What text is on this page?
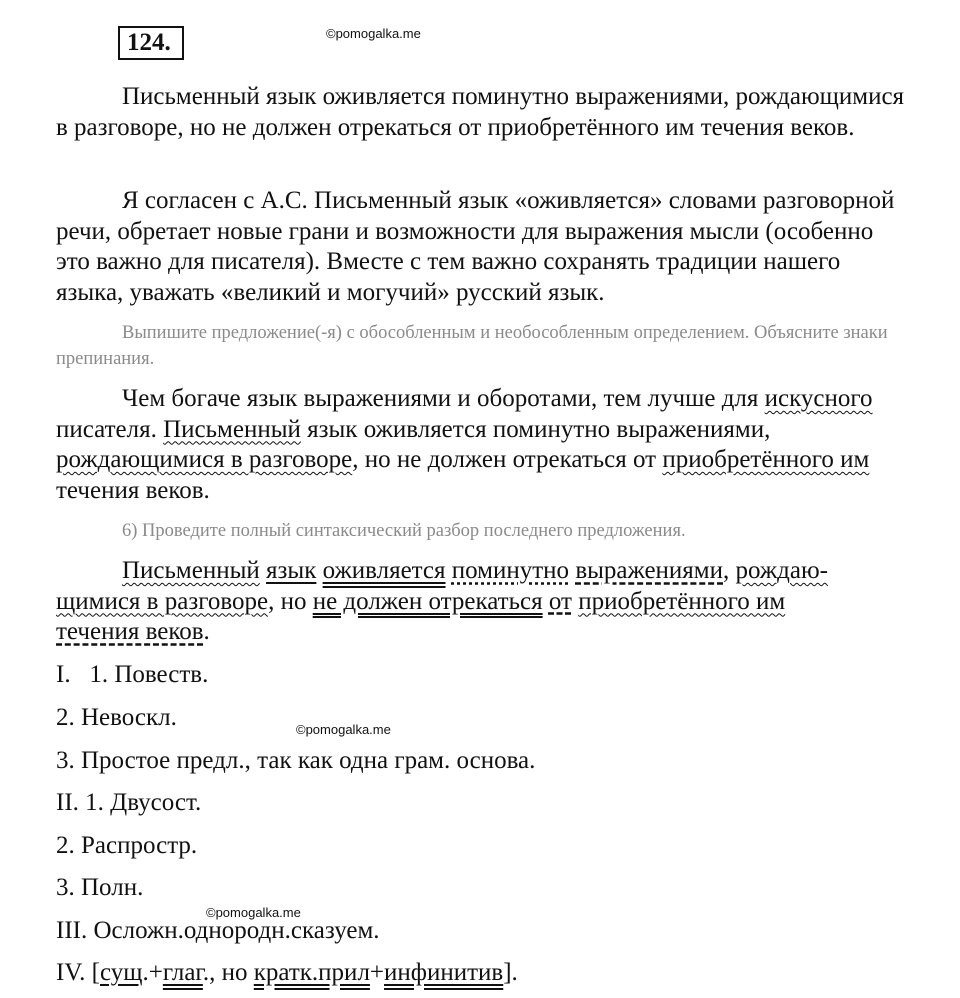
124.	©pomogalka.me

Письменный язык оживляется поминутно выражениями, рождающимися в разговоре, но не должен отрекаться от приобретённого им течения веков.

Я согласен с А.С. Письменный язык «оживляется» словами разговорной речи, обретает новые грани и возможности для выражения мысли (особенно это важно для писателя). Вместе с тем важно сохранять традиции нашего языка, уважать «великий и могучий» русский язык.

Выпишите предложение(-я) с обособленным и необособленным определением. Объясните знаки препинания.

Чем богаче язык выражениями и оборотами, тем лучше для искусного писателя. Письменный язык оживляется поминутно выражениями, рождающимися в разговоре, но не должен отрекаться от приобретённого им течения веков.

6) Проведите полный синтаксический разбор последнего предложения.

Письменный язык оживляется поминутно выражениями, рождаю-
щимися в разговоре, но не должен отрекаться от приобретённого им
течения веков.

I.   1. Повеств.
2. Невоскл.	©pomogalka.me
3. Простое предл., так как одна грам. основа.
II. 1. Двусост.
2. Распростр.
3. Полн.
©pomogalka.me
III. Осложн.однородн.сказуем.
IV. [сущ.+глаг., но кратк.прил+инфинитив].
